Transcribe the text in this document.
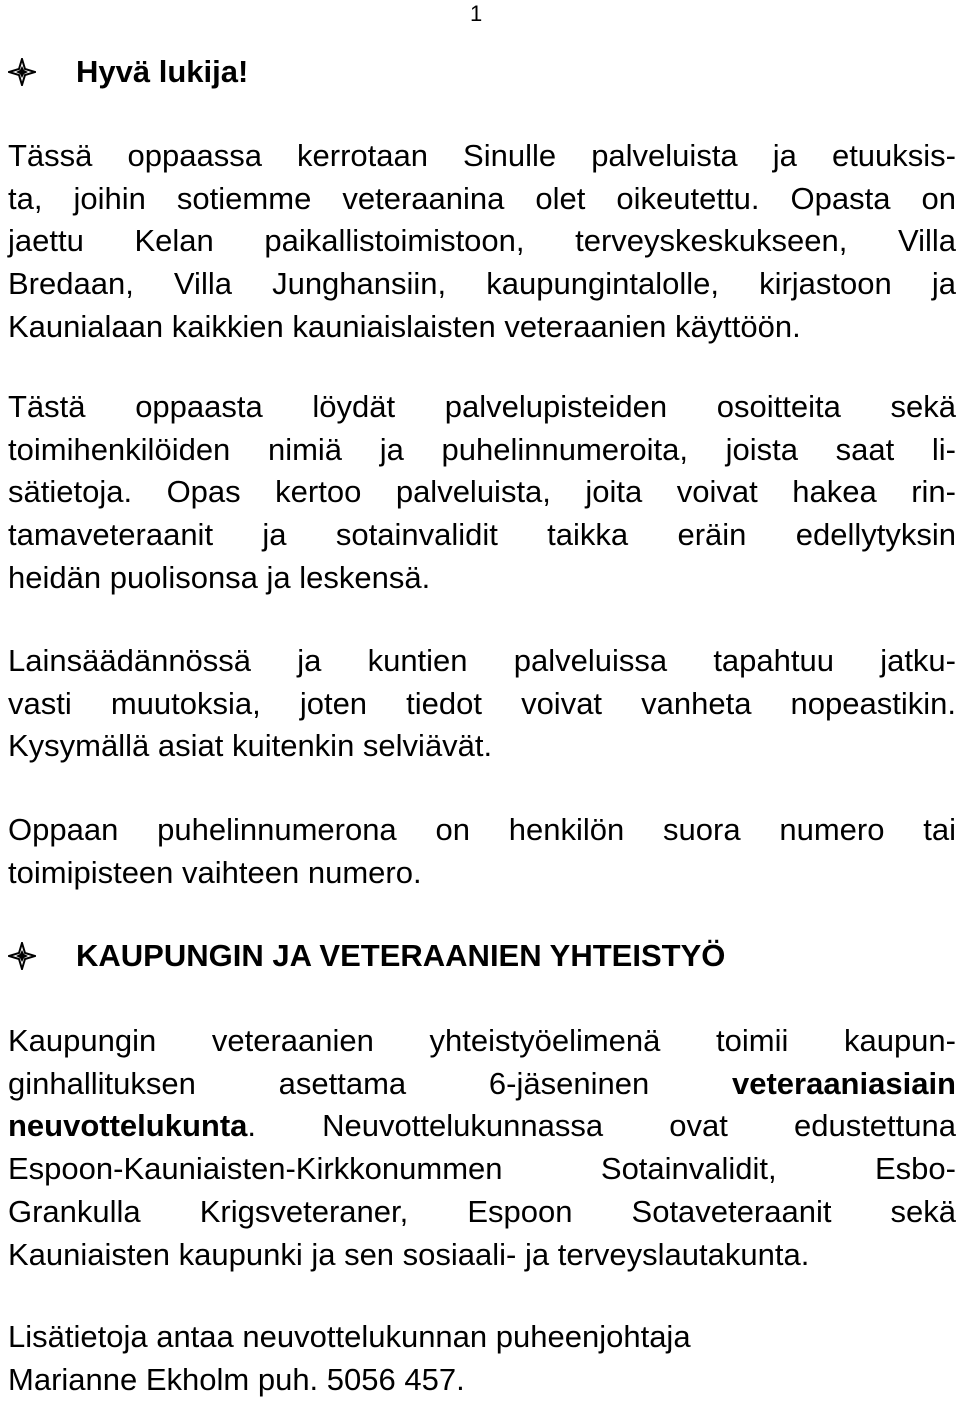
1
Hyvä lukija!
Tässä oppaassa kerrotaan Sinulle palveluista ja etuuksis-
ta, joihin sotiemme veteraanina olet oikeutettu. Opasta on
jaettu Kelan paikallistoimistoon, terveyskeskukseen, Villa
Bredaan, Villa Junghansiin, kaupungintalolle, kirjastoon ja
Kaunialaan kaikkien kauniaislaisten veteraanien käyttöön.
Tästä oppaasta löydät palvelupisteiden osoitteita sekä
toimihenkilöiden nimiä ja puhelinnumeroita, joista saat li-
sätietoja. Opas kertoo palveluista, joita voivat hakea rin-
tamaveteraanit ja sotainvalidit taikka eräin edellytyksin
heidän puolisonsa ja leskensä.
Lainsäädännössä ja kuntien palveluissa tapahtuu jatku-
vasti muutoksia, joten tiedot voivat vanheta nopeastikin.
Kysymällä asiat kuitenkin selviävät.
Oppaan puhelinnumerona on henkilön suora numero tai
toimipisteen vaihteen numero.
KAUPUNGIN JA VETERAANIEN YHTEISTYÖ
Kaupungin veteraanien yhteistyöelimenä toimii kaupun-
ginhallituksen asettama 6-jäseninen	veteraaniasiain
neuvottelukunta. Neuvottelukunnassa ovat edustettuna
Espoon-Kauniaisten-Kirkkonummen Sotainvalidit, Esbo-
Grankulla Krigsveteraner, Espoon Sotaveteraanit sekä
Kauniaisten kaupunki ja sen sosiaali- ja terveyslautakunta.
Lisätietoja antaa neuvottelukunnan puheenjohtaja
Marianne Ekholm puh. 5056 457.
